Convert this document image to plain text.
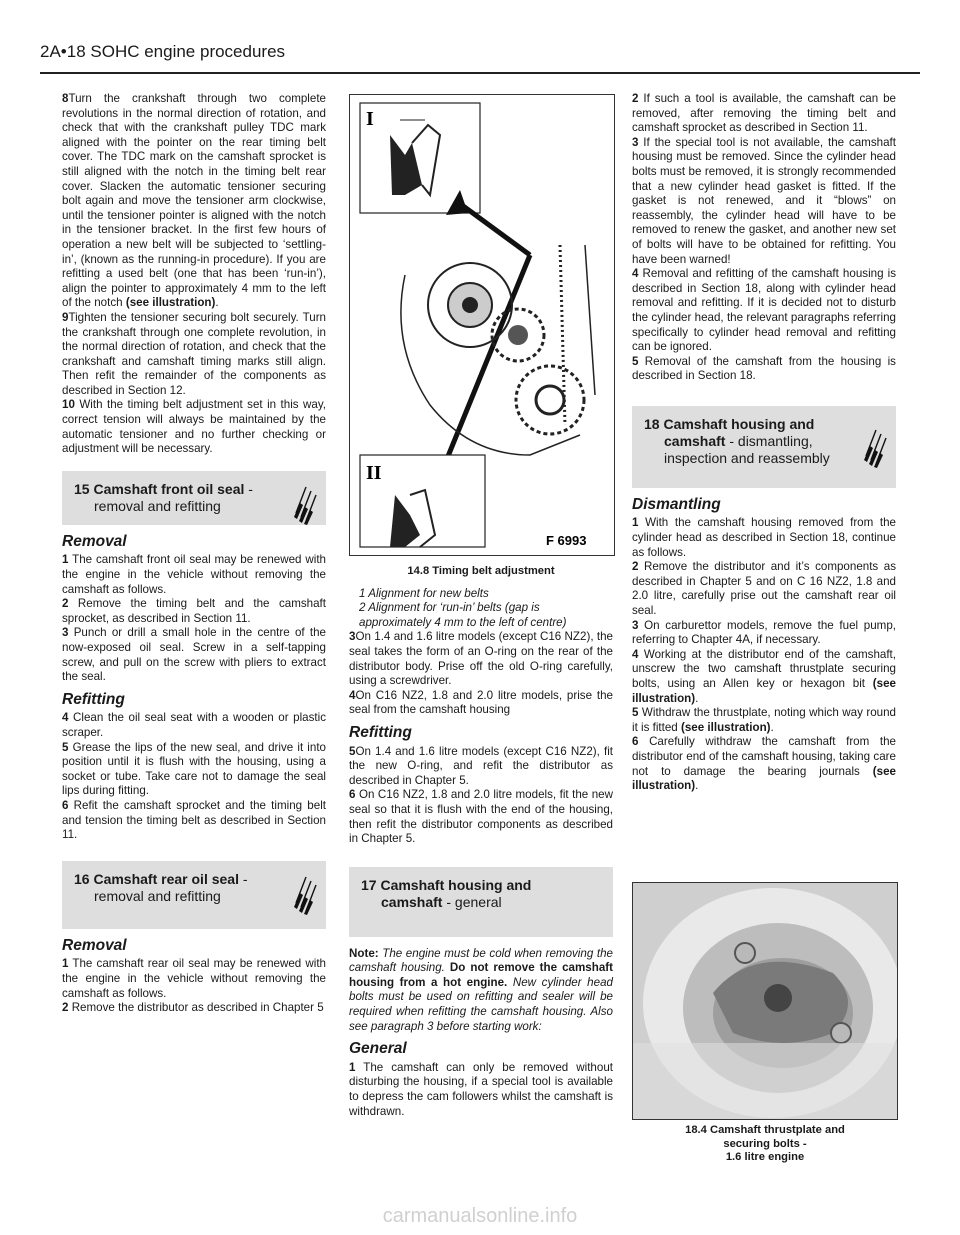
2A•18 SOHC engine procedures

8Turn the crankshaft through two complete revolutions in the normal direction of rotation, and check that with the crankshaft pulley TDC mark aligned with the pointer on the rear timing belt cover. The TDC mark on the camshaft sprocket is still aligned with the notch in the timing belt rear cover. Slacken the automatic tensioner securing bolt again and move the tensioner arm clockwise, until the tensioner pointer is aligned with the notch in the tensioner bracket. In the first few hours of operation a new belt will be subjected to ‘settling-in’, (known as the running-in procedure). If you are refitting a used belt (one that has been ‘run-in’), align the pointer to approximately 4 mm to the left of the notch (see illustration).

9Tighten the tensioner securing bolt securely. Turn the crankshaft through one complete revolution, in the normal direction of rotation, and check that the crankshaft and camshaft timing marks still align. Then refit the remainder of the components as described in Section 12.

10 With the timing belt adjustment set in this way, correct tension will always be maintained by the automatic tensioner and no further checking or adjustment will be necessary.

15 Camshaft front oil seal -
removal and refitting
Removal

1 The camshaft front oil seal may be renewed with the engine in the vehicle without removing the camshaft as follows.

2 Remove the timing belt and the camshaft sprocket, as described in Section 11.

3 Punch or drill a small hole in the centre of the now-exposed oil seal. Screw in a self-tapping screw, and pull on the screw with pliers to extract the seal.

Refitting

4 Clean the oil seal seat with a wooden or plastic scraper.

5 Grease the lips of the new seal, and drive it into position until it is flush with the housing, using a socket or tube. Take care not to damage the seal lips during fitting.

6 Refit the camshaft sprocket and the timing belt and tension the timing belt as described in Section 11.

16 Camshaft rear oil seal -
removal and refitting
Removal

1 The camshaft rear oil seal may be renewed with the engine in the vehicle without removing the camshaft as follows.

2 Remove the distributor as described in Chapter 5

I
II
F 6993
14.8 Timing belt adjustment
1 Alignment for new belts
2 Alignment for ‘run-in’ belts (gap is approximately 4 mm to the left of centre)

3On 1.4 and 1.6 litre models (except C16 NZ2), the seal takes the form of an O-ring on the rear of the distributor body. Prise off the old O-ring carefully, using a screwdriver.

4On C16 NZ2, 1.8 and 2.0 litre models, prise the seal from the camshaft housing

Refitting

5On 1.4 and 1.6 litre models (except C16 NZ2), fit the new O-ring, and refit the distributor as described in Chapter 5.

6 On C16 NZ2, 1.8 and 2.0 litre models, fit the new seal so that it is flush with the end of the housing, then refit the distributor components as described in Chapter 5.

17 Camshaft housing and
camshaft - general

Note: The engine must be cold when removing the camshaft housing. Do not remove the camshaft housing from a hot engine. New cylinder head bolts must be used on refitting and sealer will be required when refitting the camshaft housing. Also see paragraph 3 before starting work:

General

1 The camshaft can only be removed without disturbing the housing, if a special tool is available to depress the cam followers whilst the camshaft is withdrawn.

2 If such a tool is available, the camshaft can be removed, after removing the timing belt and camshaft sprocket as described in Section 11.

3 If the special tool is not available, the camshaft housing must be removed. Since the cylinder head bolts must be removed, it is strongly recommended that a new cylinder head gasket is fitted. If the gasket is not renewed, and it “blows” on reassembly, the cylinder head will have to be removed to renew the gasket, and another new set of bolts will have to be obtained for refitting. You have been warned!

4 Removal and refitting of the camshaft housing is described in Section 18, along with cylinder head removal and refitting. If it is decided not to disturb the cylinder head, the relevant paragraphs referring specifically to cylinder head removal and refitting can be ignored.

5 Removal of the camshaft from the housing is described in Section 18.

18 Camshaft housing and
camshaft - dismantling,
inspection and reassembly
Dismantling

1 With the camshaft housing removed from the cylinder head as described in Section 18, continue as follows.

2 Remove the distributor and it’s components as described in Chapter 5 and on C 16 NZ2, 1.8 and 2.0 litre, carefully prise out the camshaft rear oil seal.

3 On carburettor models, remove the fuel pump, referring to Chapter 4A, if necessary.

4 Working at the distributor end of the camshaft, unscrew the two camshaft thrustplate securing bolts, using an Allen key or hexagon bit (see illustration).

5 Withdraw the thrustplate, noting which way round it is fitted (see illustration).

6 Carefully withdraw the camshaft from the distributor end of the camshaft housing, taking care not to damage the bearing journals (see illustration).

18.4 Camshaft thrustplate and
securing bolts -
1.6 litre engine
carmanualsonline.info
